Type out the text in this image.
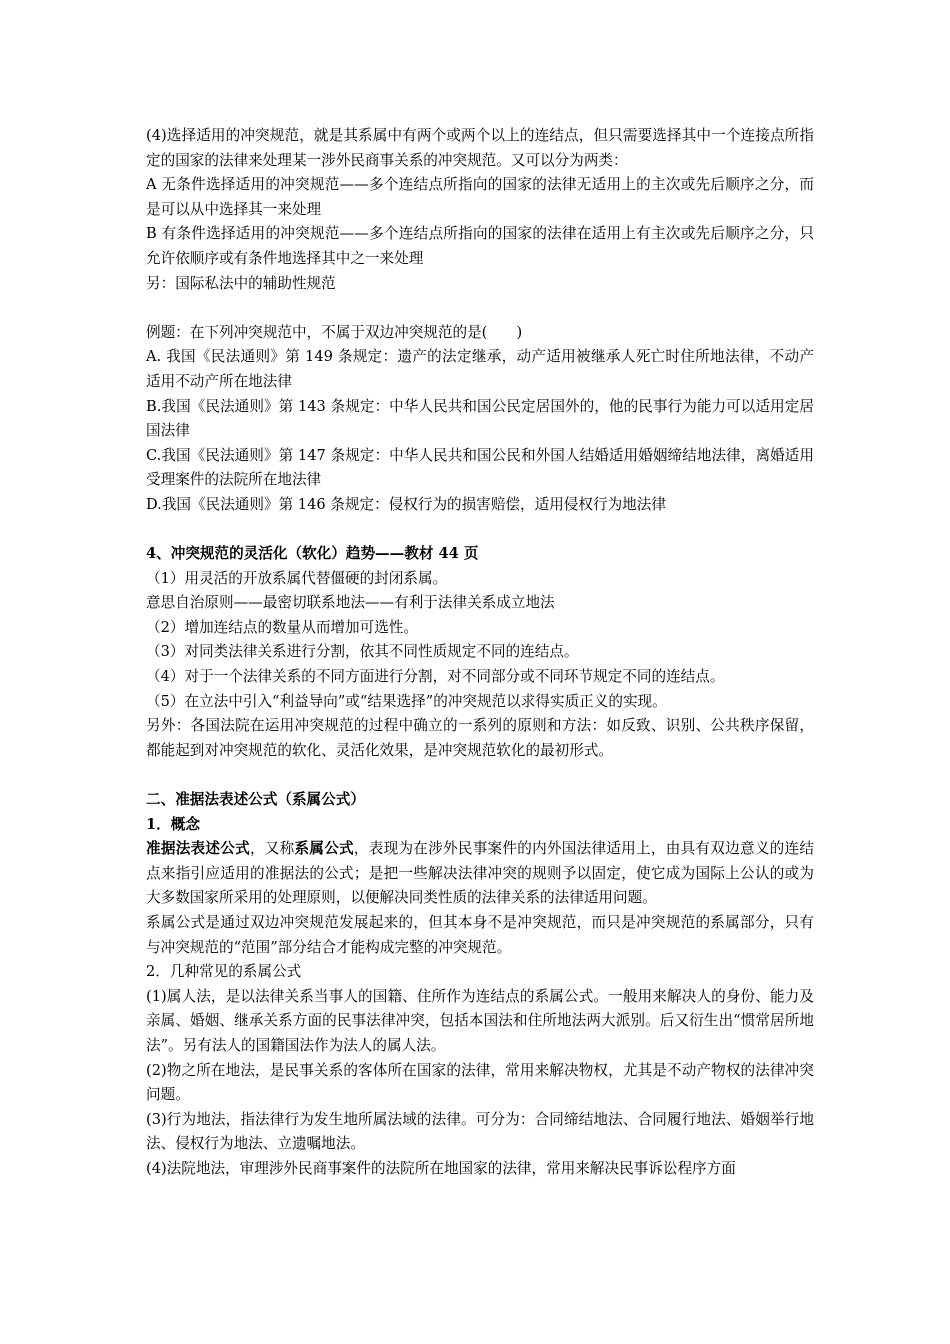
(4)选择适用的冲突规范，就是其系属中有两个或两个以上的连结点，但只需要选择其中一个连接点所指定的国家的法律来处理某一涉外民商事关系的冲突规范。又可以分为两类：

A 无条件选择适用的冲突规范——多个连结点所指向的国家的法律无适用上的主次或先后顺序之分，而是可以从中选择其一来处理

B 有条件选择适用的冲突规范——多个连结点所指向的国家的法律在适用上有主次或先后顺序之分，只允许依顺序或有条件地选择其中之一来处理

另：国际私法中的辅助性规范

例题：在下列冲突规范中，不属于双边冲突规范的是(　　)

A. 我国《民法通则》第 149 条规定：遗产的法定继承，动产适用被继承人死亡时住所地法律，不动产适用不动产所在地法律

B.我国《民法通则》第 143 条规定：中华人民共和国公民定居国外的，他的民事行为能力可以适用定居国法律

C.我国《民法通则》第 147 条规定：中华人民共和国公民和外国人结婚适用婚姻缔结地法律，离婚适用受理案件的法院所在地法律

D.我国《民法通则》第 146 条规定：侵权行为的损害赔偿，适用侵权行为地法律

4、冲突规范的灵活化（软化）趋势——教材 44 页

（1）用灵活的开放系属代替僵硬的封闭系属。

意思自治原则——最密切联系地法——有利于法律关系成立地法

（2）增加连结点的数量从而增加可选性。

（3）对同类法律关系进行分割，依其不同性质规定不同的连结点。

（4）对于一个法律关系的不同方面进行分割，对不同部分或不同环节规定不同的连结点。

（5）在立法中引入“利益导向”或“结果选择”的冲突规范以求得实质正义的实现。

另外：各国法院在运用冲突规范的过程中确立的一系列的原则和方法：如反致、识别、公共秩序保留，都能起到对冲突规范的软化、灵活化效果，是冲突规范软化的最初形式。

二、准据法表述公式（系属公式）

1．概念

准据法表述公式，又称系属公式，表现为在涉外民事案件的内外国法律适用上，由具有双边意义的连结点来指引应适用的准据法的公式；是把一些解决法律冲突的规则予以固定，使它成为国际上公认的或为大多数国家所采用的处理原则，以便解决同类性质的法律关系的法律适用问题。

系属公式是通过双边冲突规范发展起来的，但其本身不是冲突规范，而只是冲突规范的系属部分，只有与冲突规范的“范围”部分结合才能构成完整的冲突规范。

2．几种常见的系属公式

(1)属人法，是以法律关系当事人的国籍、住所作为连结点的系属公式。一般用来解决人的身份、能力及亲属、婚姻、继承关系方面的民事法律冲突，包括本国法和住所地法两大派别。后又衍生出“惯常居所地法”。另有法人的国籍国法作为法人的属人法。

(2)物之所在地法，是民事关系的客体所在国家的法律，常用来解决物权，尤其是不动产物权的法律冲突问题。

(3)行为地法，指法律行为发生地所属法域的法律。可分为：合同缔结地法、合同履行地法、婚姻举行地法、侵权行为地法、立遗嘱地法。

(4)法院地法，审理涉外民商事案件的法院所在地国家的法律，常用来解决民事诉讼程序方面
